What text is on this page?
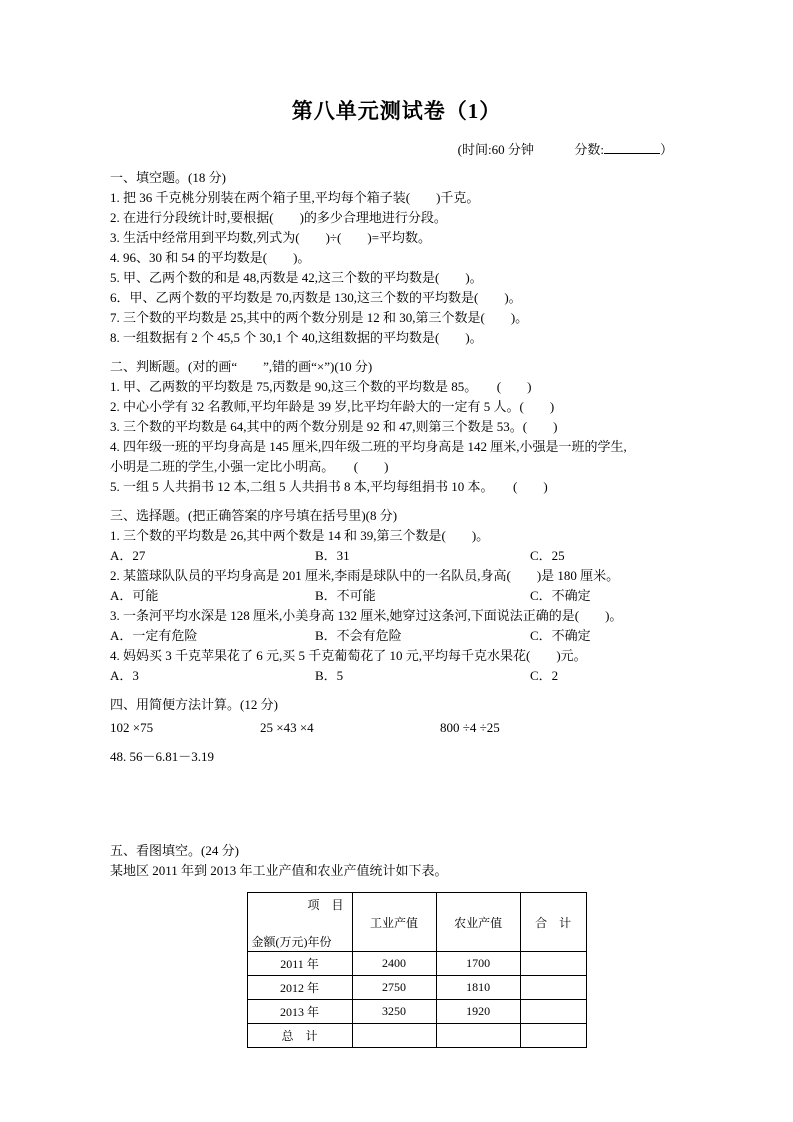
第八单元测试卷（1）
(时间:60 分钟	分数:	）
一、填空题。(18 分)
1. 把 36 千克桃分别装在两个箱子里,平均每个箱子装(　　)千克。
2. 在进行分段统计时,要根据(　　)的多少合理地进行分段。
3. 生活中经常用到平均数,列式为(　　)÷(　　)=平均数。
4. 96、30 和 54 的平均数是(　　)。
5. 甲、乙两个数的和是 48,丙数是 42,这三个数的平均数是(　　)。
6．甲、乙两个数的平均数是 70,丙数是 130,这三个数的平均数是(　　)。
7. 三个数的平均数是 25,其中的两个数分别是 12 和 30,第三个数是(　　)。
8. 一组数据有 2 个 45,5 个 30,1 个 40,这组数据的平均数是(　　)。
二、判断题。(对的画“　　”,错的画“×”)(10 分)
1. 甲、乙两数的平均数是 75,丙数是 90,这三个数的平均数是 85。　　(　　)
2. 中心小学有 32 名教师,平均年龄是 39 岁,比平均年龄大的一定有 5 人。(　　)
3. 三个数的平均数是 64,其中的两个数分别是 92 和 47,则第三个数是 53。(　　)
4. 四年级一班的平均身高是 145 厘米,四年级二班的平均身高是 142 厘米,小强是一班的学生,
小明是二班的学生,小强一定比小明高。　　(　　)
5. 一组 5 人共捐书 12 本,二组 5 人共捐书 8 本,平均每组捐书 10 本。　　(　　)
三、选择题。(把正确答案的序号填在括号里)(8 分)
1. 三个数的平均数是 26,其中两个数是 14 和 39,第三个数是(　　)。
A．27	B．31	C．25
2. 某篮球队队员的平均身高是 201 厘米,李雨是球队中的一名队员,身高(　　)是 180 厘米。
A．可能	B．不可能	C．不确定
3. 一条河平均水深是 128 厘米,小美身高 132 厘米,她穿过这条河,下面说法正确的是(　　)。
A．一定有危险	B．不会有危险	C．不确定
4. 妈妈买 3 千克苹果花了 6 元,买 5 千克葡萄花了 10 元,平均每千克水果花(　　)元。
A．3	B．5	C．2
四、用简便方法计算。(12 分)
102 ×75	25 ×43 ×4	800 ÷4 ÷25
48. 56－6.81－3.19
五、看图填空。(24 分)
某地区 2011 年到 2013 年工业产值和农业产值统计如下表。
项　目
金额(万元)年份	工业产值	农业产值	合　计
2011 年	2400	1700	
2012 年	2750	1810	
2013 年	3250	1920	
总　计			
